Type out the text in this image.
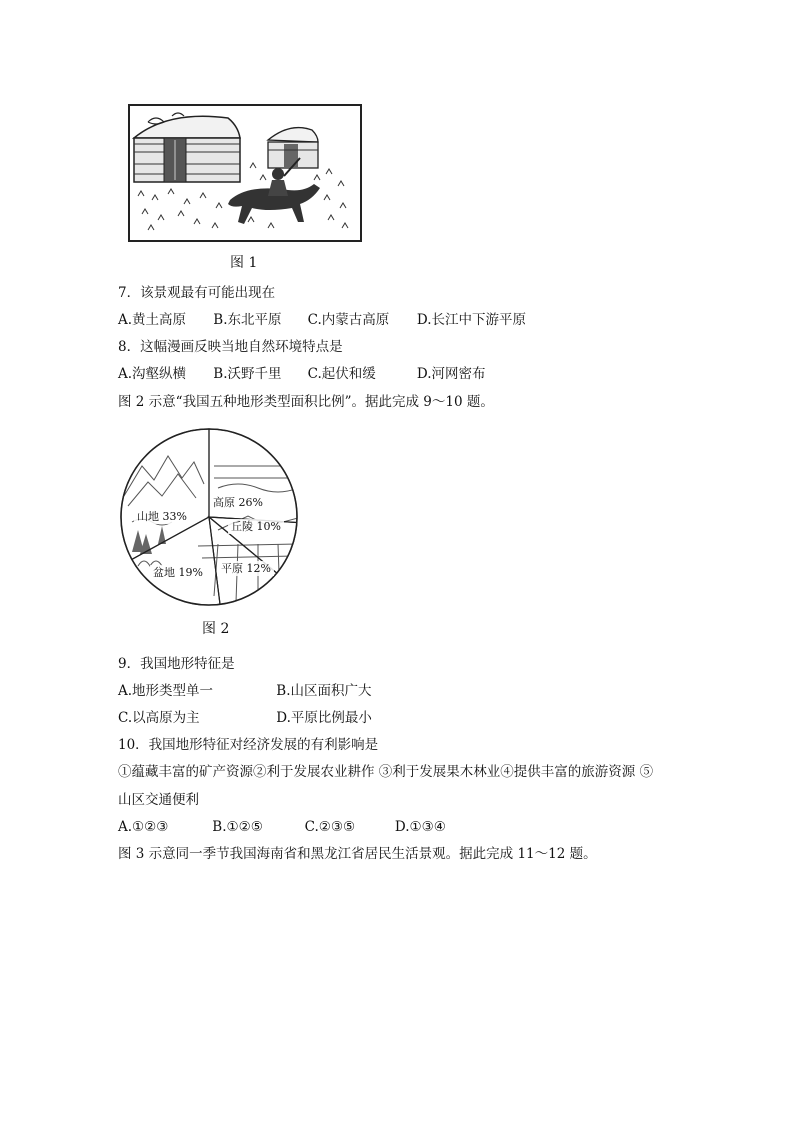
图 1
7．该景观最有可能出现在
A.黄土高原 B.东北平原 C.内蒙古高原 D.长江中下游平原
8．这幅漫画反映当地自然环境特点是
A.沟壑纵横 B.沃野千里 C.起伏和缓	D.河网密布
图 2 示意“我国五种地形类型面积比例”。据此完成 9～10 题。
高原 26%
丘陵 10%
平原 12%
盆地 19%
山地 33%
图 2
9．我国地形特征是
A.地形类型单一	B.山区面积广大
C.以高原为主	D.平原比例最小
10．我国地形特征对经济发展的有利影响是
①蕴藏丰富的矿产资源②利于发展农业耕作 ③利于发展果木林业④提供丰富的旅游资源 ⑤
山区交通便利
A.①②③	B.①②⑤	C.②③⑤	D.①③④
图 3 示意同一季节我国海南省和黑龙江省居民生活景观。据此完成 11～12 题。
